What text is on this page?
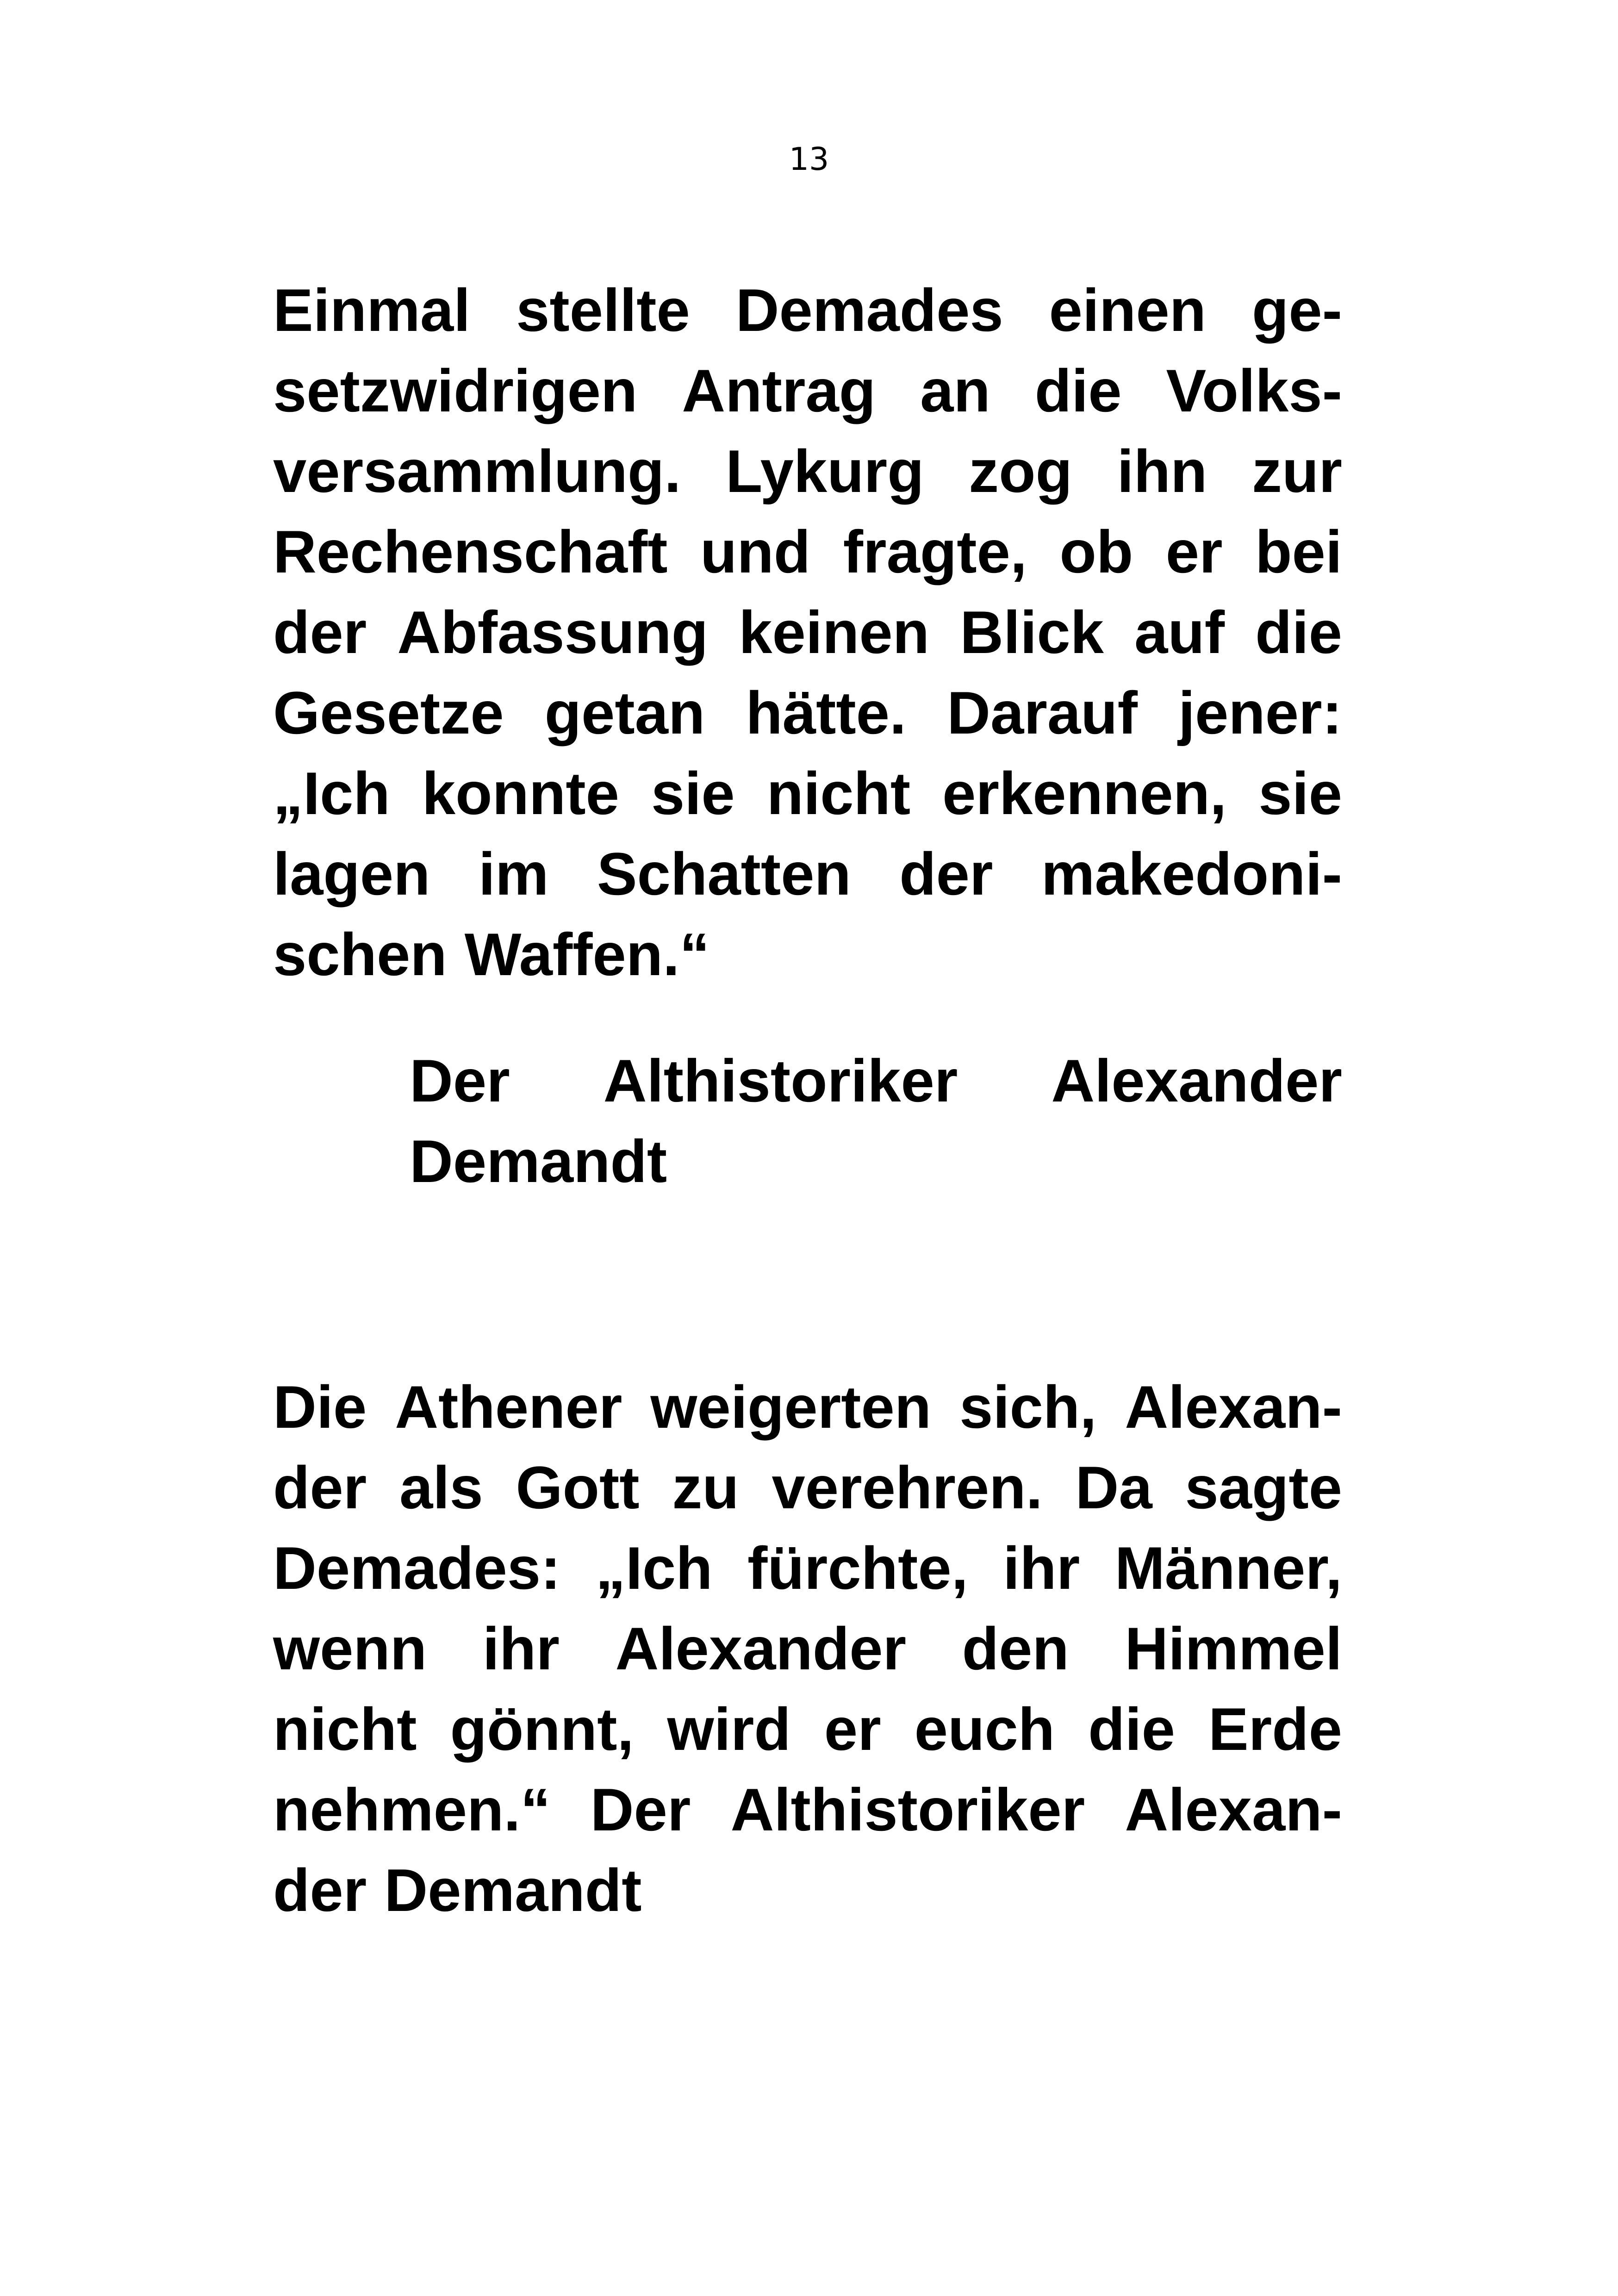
13
Einmal stellte Demades einen ge-
setzwidrigen Antrag an die Volks-
versammlung. Lykurg zog ihn zur
Rechenschaft und fragte, ob er bei
der Abfassung keinen Blick auf die
Gesetze getan hätte. Darauf jener:
„Ich konnte sie nicht erkennen, sie
lagen im Schatten der makedoni-
schen Waffen.“
Der Althistoriker Alexander
Demandt
Die Athener weigerten sich, Alexan-
der als Gott zu verehren. Da sagte
Demades: „Ich fürchte, ihr Männer,
wenn ihr Alexander den Himmel
nicht gönnt, wird er euch die Erde
nehmen.“ Der Althistoriker Alexan-
der Demandt
